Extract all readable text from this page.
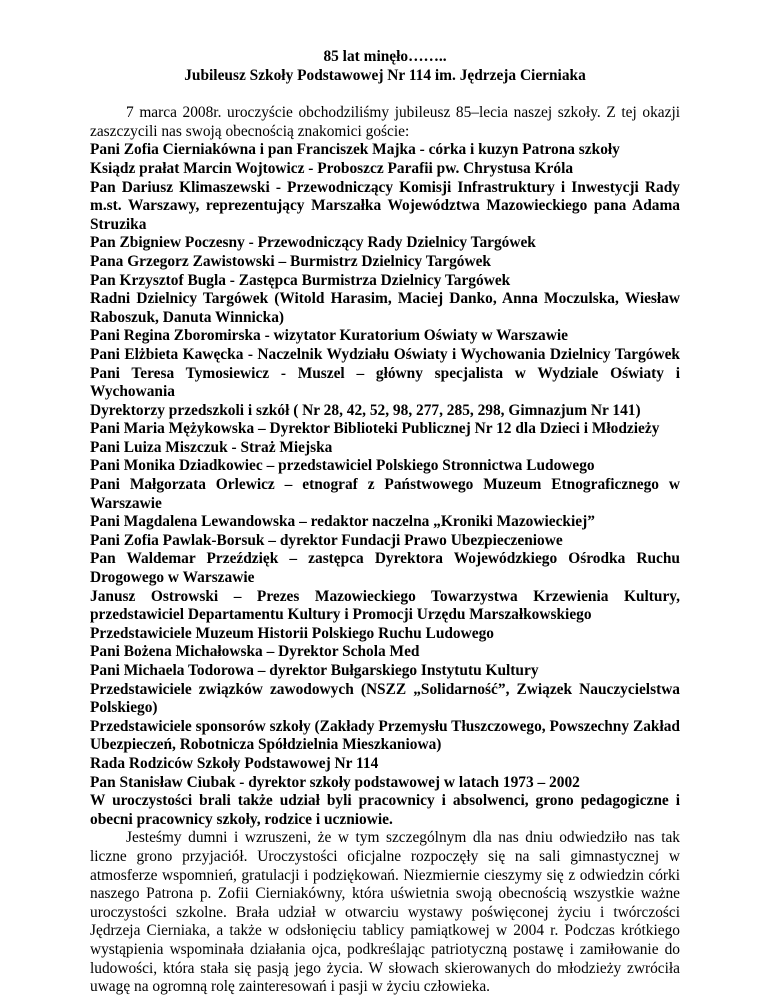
85 lat minęło……..

Jubileusz Szkoły Podstawowej Nr 114 im. Jędrzeja Cierniaka

7 marca 2008r. uroczyście obchodziliśmy jubileusz 85–lecia naszej szkoły. Z tej okazji zaszczycili nas swoją obecnością znakomici goście:

Pani Zofia Cierniakówna i pan Franciszek Majka - córka i kuzyn Patrona szkoły

Ksiądz prałat Marcin Wojtowicz - Proboszcz Parafii pw. Chrystusa Króla

Pan Dariusz Klimaszewski - Przewodniczący Komisji Infrastruktury i Inwestycji Rady m.st. Warszawy, reprezentujący Marszałka Województwa Mazowieckiego pana Adama Struzika

Pan Zbigniew Poczesny - Przewodniczący Rady Dzielnicy Targówek

Pana Grzegorz Zawistowski – Burmistrz Dzielnicy Targówek

Pan Krzysztof Bugla - Zastępca Burmistrza Dzielnicy Targówek

Radni Dzielnicy Targówek (Witold Harasim, Maciej Danko, Anna Moczulska, Wiesław Raboszuk, Danuta Winnicka)

Pani Regina Zboromirska - wizytator Kuratorium Oświaty w Warszawie

Pani Elżbieta Kawęcka - Naczelnik Wydziału Oświaty i Wychowania Dzielnicy Targówek Pani Teresa Tymosiewicz - Muszel – główny specjalista w Wydziale Oświaty i Wychowania

Dyrektorzy przedszkoli i szkół ( Nr 28, 42, 52, 98, 277, 285, 298, Gimnazjum Nr 141)

Pani Maria Mężykowska – Dyrektor Biblioteki Publicznej Nr 12 dla Dzieci i Młodzieży

Pani Luiza Miszczuk - Straż Miejska

Pani Monika Dziadkowiec – przedstawiciel Polskiego Stronnictwa Ludowego

Pani Małgorzata Orlewicz – etnograf z Państwowego Muzeum Etnograficznego w Warszawie

Pani Magdalena Lewandowska – redaktor naczelna „Kroniki Mazowieckiej”

Pani Zofia Pawlak-Borsuk – dyrektor Fundacji Prawo Ubezpieczeniowe

Pan Waldemar Przeździęk – zastępca Dyrektora Wojewódzkiego Ośrodka Ruchu Drogowego w Warszawie

Janusz Ostrowski – Prezes Mazowieckiego Towarzystwa Krzewienia Kultury, przedstawiciel Departamentu Kultury i Promocji Urzędu Marszałkowskiego

Przedstawiciele Muzeum Historii Polskiego Ruchu Ludowego

Pani Bożena Michałowska – Dyrektor Schola Med

Pani Michaela Todorowa – dyrektor Bułgarskiego Instytutu Kultury

Przedstawiciele związków zawodowych (NSZZ „Solidarność”, Związek Nauczycielstwa Polskiego)

Przedstawiciele sponsorów szkoły (Zakłady Przemysłu Tłuszczowego, Powszechny Zakład Ubezpieczeń, Robotnicza Spółdzielnia Mieszkaniowa)

Rada Rodziców Szkoły Podstawowej Nr 114

Pan Stanisław Ciubak - dyrektor szkoły podstawowej w latach 1973 – 2002

W uroczystości brali także udział byli pracownicy i absolwenci, grono pedagogiczne i obecni pracownicy szkoły, rodzice i uczniowie.

Jesteśmy dumni i wzruszeni, że w tym szczególnym dla nas dniu odwiedziło nas tak liczne grono przyjaciół. Uroczystości oficjalne rozpoczęły się na sali gimnastycznej w atmosferze wspomnień, gratulacji i podziękowań. Niezmiernie cieszymy się z odwiedzin córki naszego Patrona p. Zofii Cierniakówny, która uświetnia swoją obecnością wszystkie ważne uroczystości szkolne. Brała udział w otwarciu wystawy poświęconej życiu i twórczości Jędrzeja Cierniaka, a także w odsłonięciu tablicy pamiątkowej w 2004 r. Podczas krótkiego wystąpienia wspominała działania ojca, podkreślając patriotyczną postawę i zamiłowanie do ludowości, która stała się pasją jego życia. W słowach skierowanych do młodzieży zwróciła uwagę na ogromną rolę zainteresowań i pasji w życiu człowieka.
